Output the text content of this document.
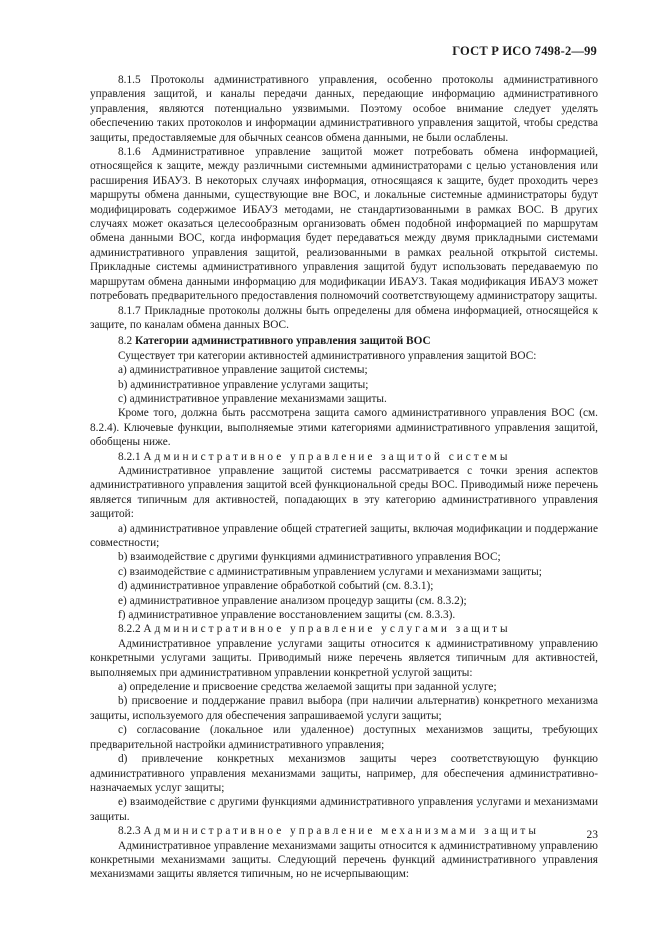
ГОСТ Р ИСО 7498-2—99

8.1.5 Протоколы административного управления, особенно протоколы административного управления защитой, и каналы передачи данных, передающие информацию административного управления, являются потенциально уязвимыми. Поэтому особое внимание следует уделять обеспечению таких протоколов и информации административного управления защитой, чтобы средства защиты, предоставляемые для обычных сеансов обмена данными, не были ослаблены.

8.1.6 Административное управление защитой может потребовать обмена информацией, относящейся к защите, между различными системными администраторами с целью установления или расширения ИБАУЗ. В некоторых случаях информация, относящаяся к защите, будет проходить через маршруты обмена данными, существующие вне ВОС, и локальные системные администраторы будут модифицировать содержимое ИБАУЗ методами, не стандартизованными в рамках ВОС. В других случаях может оказаться целесообразным организовать обмен подобной информацией по маршрутам обмена данными ВОС, когда информация будет передаваться между двумя прикладными системами административного управления защитой, реализованными в рамках реальной открытой системы. Прикладные системы административного управления защитой будут использовать передаваемую по маршрутам обмена данными информацию для модификации ИБАУЗ. Такая модификация ИБАУЗ может потребовать предварительного предоставления полномочий соответствующему администратору защиты.

8.1.7 Прикладные протоколы должны быть определены для обмена информацией, относящейся к защите, по каналам обмена данных ВОС.

8.2 Категории административного управления защитой ВОС

Существует три категории активностей административного управления защитой ВОС:

a) административное управление защитой системы;

b) административное управление услугами защиты;

c) административное управление механизмами защиты.

Кроме того, должна быть рассмотрена защита самого административного управления ВОС (см. 8.2.4). Ключевые функции, выполняемые этими категориями административного управления защитой, обобщены ниже.

8.2.1 Административное управление защитой системы

Административное управление защитой системы рассматривается с точки зрения аспектов административного управления защитой всей функциональной среды ВОС. Приводимый ниже перечень является типичным для активностей, попадающих в эту категорию административного управления защитой:

a) административное управление общей стратегией защиты, включая модификации и поддержание совместности;

b) взаимодействие с другими функциями административного управления ВОС;

c) взаимодействие с административным управлением услугами и механизмами защиты;

d) административное управление обработкой событий (см. 8.3.1);

e) административное управление анализом процедур защиты (см. 8.3.2);

f) административное управление восстановлением защиты (см. 8.3.3).

8.2.2 Административное управление услугами защиты

Административное управление услугами защиты относится к административному управлению конкретными услугами защиты. Приводимый ниже перечень является типичным для активностей, выполняемых при административном управлении конкретной услугой защиты:

a) определение и присвоение средства желаемой защиты при заданной услуге;

b) присвоение и поддержание правил выбора (при наличии альтернатив) конкретного механизма защиты, используемого для обеспечения запрашиваемой услуги защиты;

c) согласование (локальное или удаленное) доступных механизмов защиты, требующих предварительной настройки административного управления;

d) привлечение конкретных механизмов защиты через соответствующую функцию административного управления механизмами защиты, например, для обеспечения административно-назначаемых услуг защиты;

e) взаимодействие с другими функциями административного управления услугами и механизмами защиты.

8.2.3 Административное управление механизмами защиты

Административное управление механизмами защиты относится к административному управлению конкретными механизмами защиты. Следующий перечень функций административного управления механизмами защиты является типичным, но не исчерпывающим:

23
